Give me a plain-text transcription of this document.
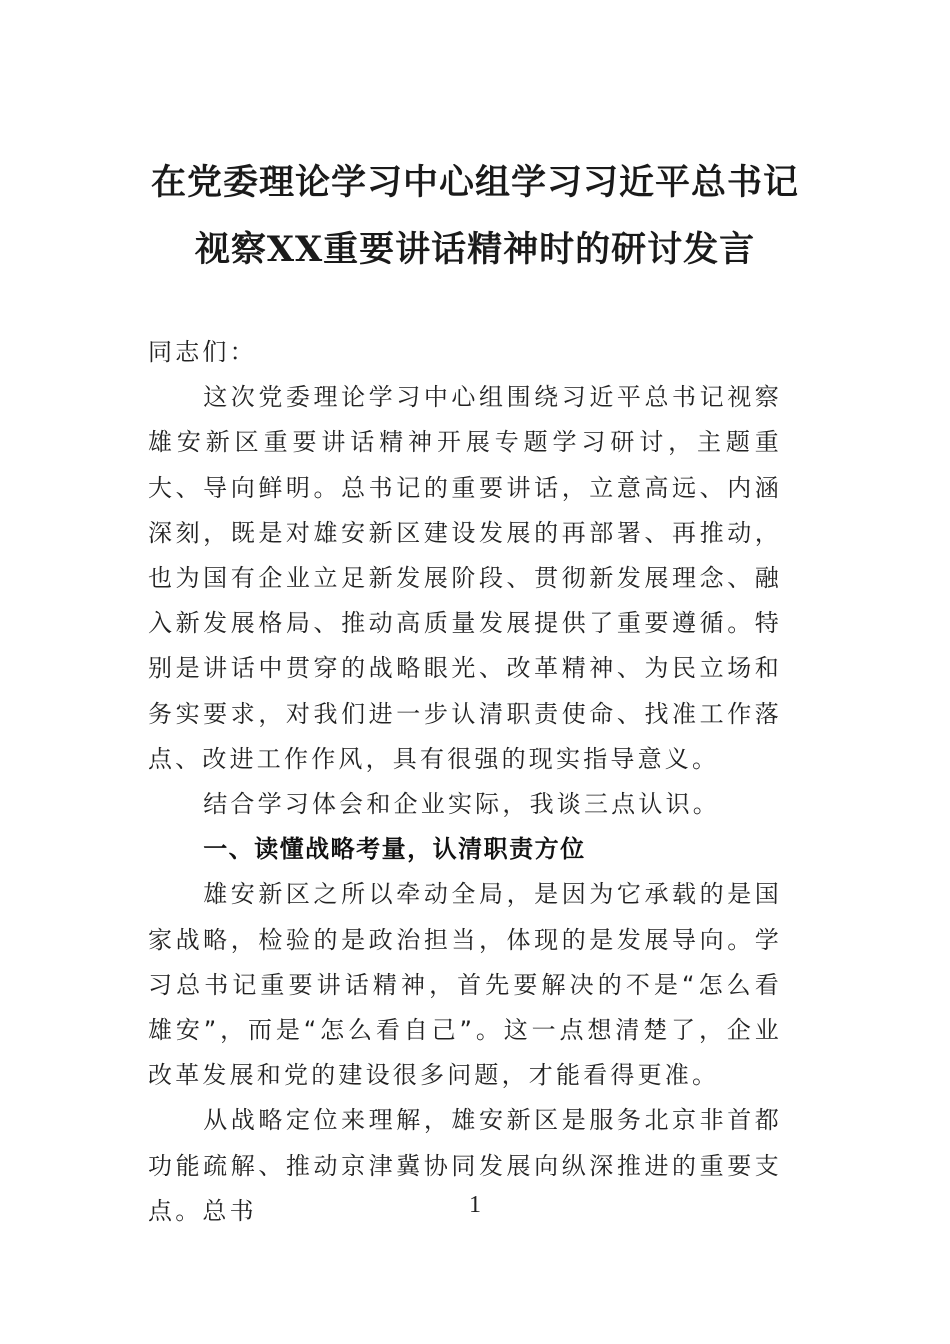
在党委理论学习中心组学习习近平总书记
视察XX重要讲话精神时的研讨发言

同志们：

这次党委理论学习中心组围绕习近平总书记视察雄安新区重要讲话精神开展专题学习研讨，主题重大、导向鲜明。总书记的重要讲话，立意高远、内涵深刻，既是对雄安新区建设发展的再部署、再推动，也为国有企业立足新发展阶段、贯彻新发展理念、融入新发展格局、推动高质量发展提供了重要遵循。特别是讲话中贯穿的战略眼光、改革精神、为民立场和务实要求，对我们进一步认清职责使命、找准工作落点、改进工作作风，具有很强的现实指导意义。

结合学习体会和企业实际，我谈三点认识。

一、读懂战略考量，认清职责方位

雄安新区之所以牵动全局，是因为它承载的是国家战略，检验的是政治担当，体现的是发展导向。学习总书记重要讲话精神，首先要解决的不是“怎么看雄安”，而是“怎么看自己”。这一点想清楚了，企业改革发展和党的建设很多问题，才能看得更准。

从战略定位来理解，雄安新区是服务北京非首都功能疏解、推动京津冀协同发展向纵深推进的重要支点。总书	1
